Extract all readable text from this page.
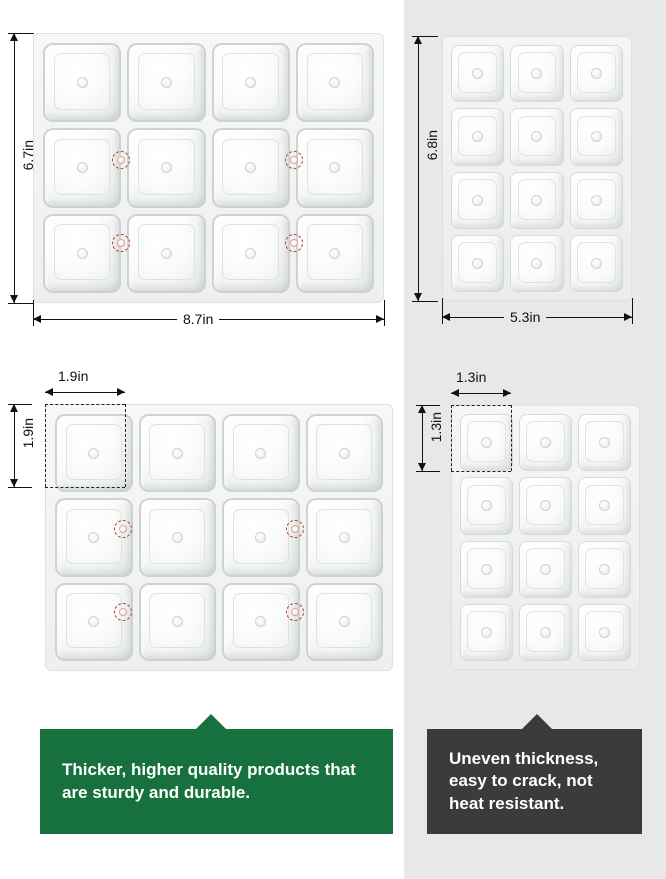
6.7in
8.7in
1.9in
1.9in
Thicker, higher quality products that are sturdy and durable.
6.8in
5.3in
1.3in
1.3in
Uneven thickness, easy to crack, not heat resistant.
